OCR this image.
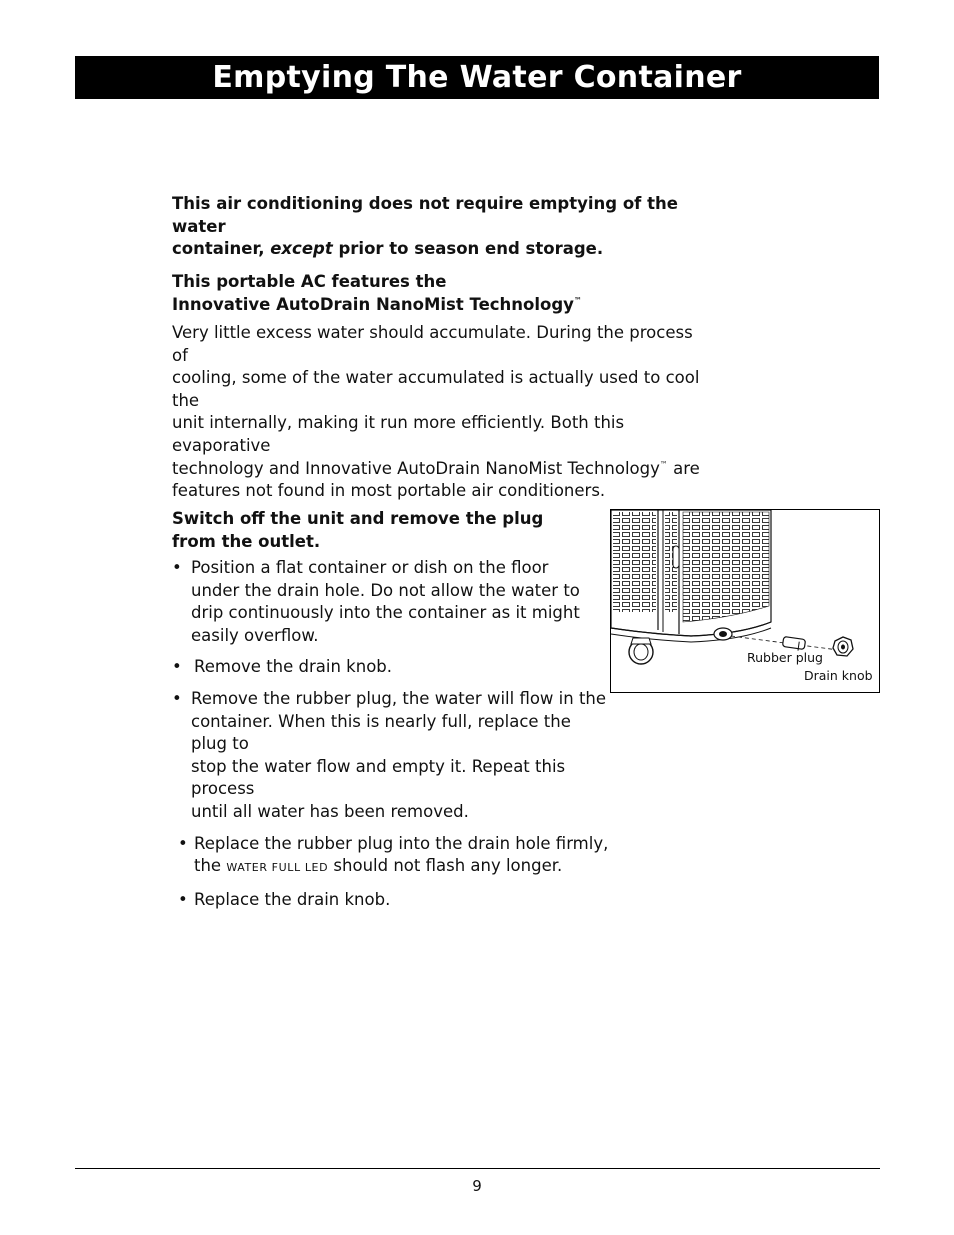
Emptying The Water Container
This air conditioning does not require emptying of the water
container, except prior to season end storage.
This portable AC features the
Innovative AutoDrain NanoMist Technology™
Very little excess water should accumulate. During the process of
cooling, some of the water accumulated is actually used to cool the
unit internally, making it run more efficiently. Both this evaporative
technology and Innovative AutoDrain NanoMist Technology™ are
features not found in most portable air conditioners.
Switch off the unit and remove the plug
from the outlet.
• Position a flat container or dish on the floor
under the drain hole. Do not allow the water to
drip continuously into the container as it might
easily overflow.
• Remove the drain knob.
• Remove the rubber plug, the water will flow in the
container. When this is nearly full, replace the plug to
stop the water flow and empty it. Repeat this process
until all water has been removed.
• Replace the rubber plug into the drain hole firmly,
the WATER FULL LED should not flash any longer.
• Replace the drain knob.
Rubber plug
Drain knob
9
